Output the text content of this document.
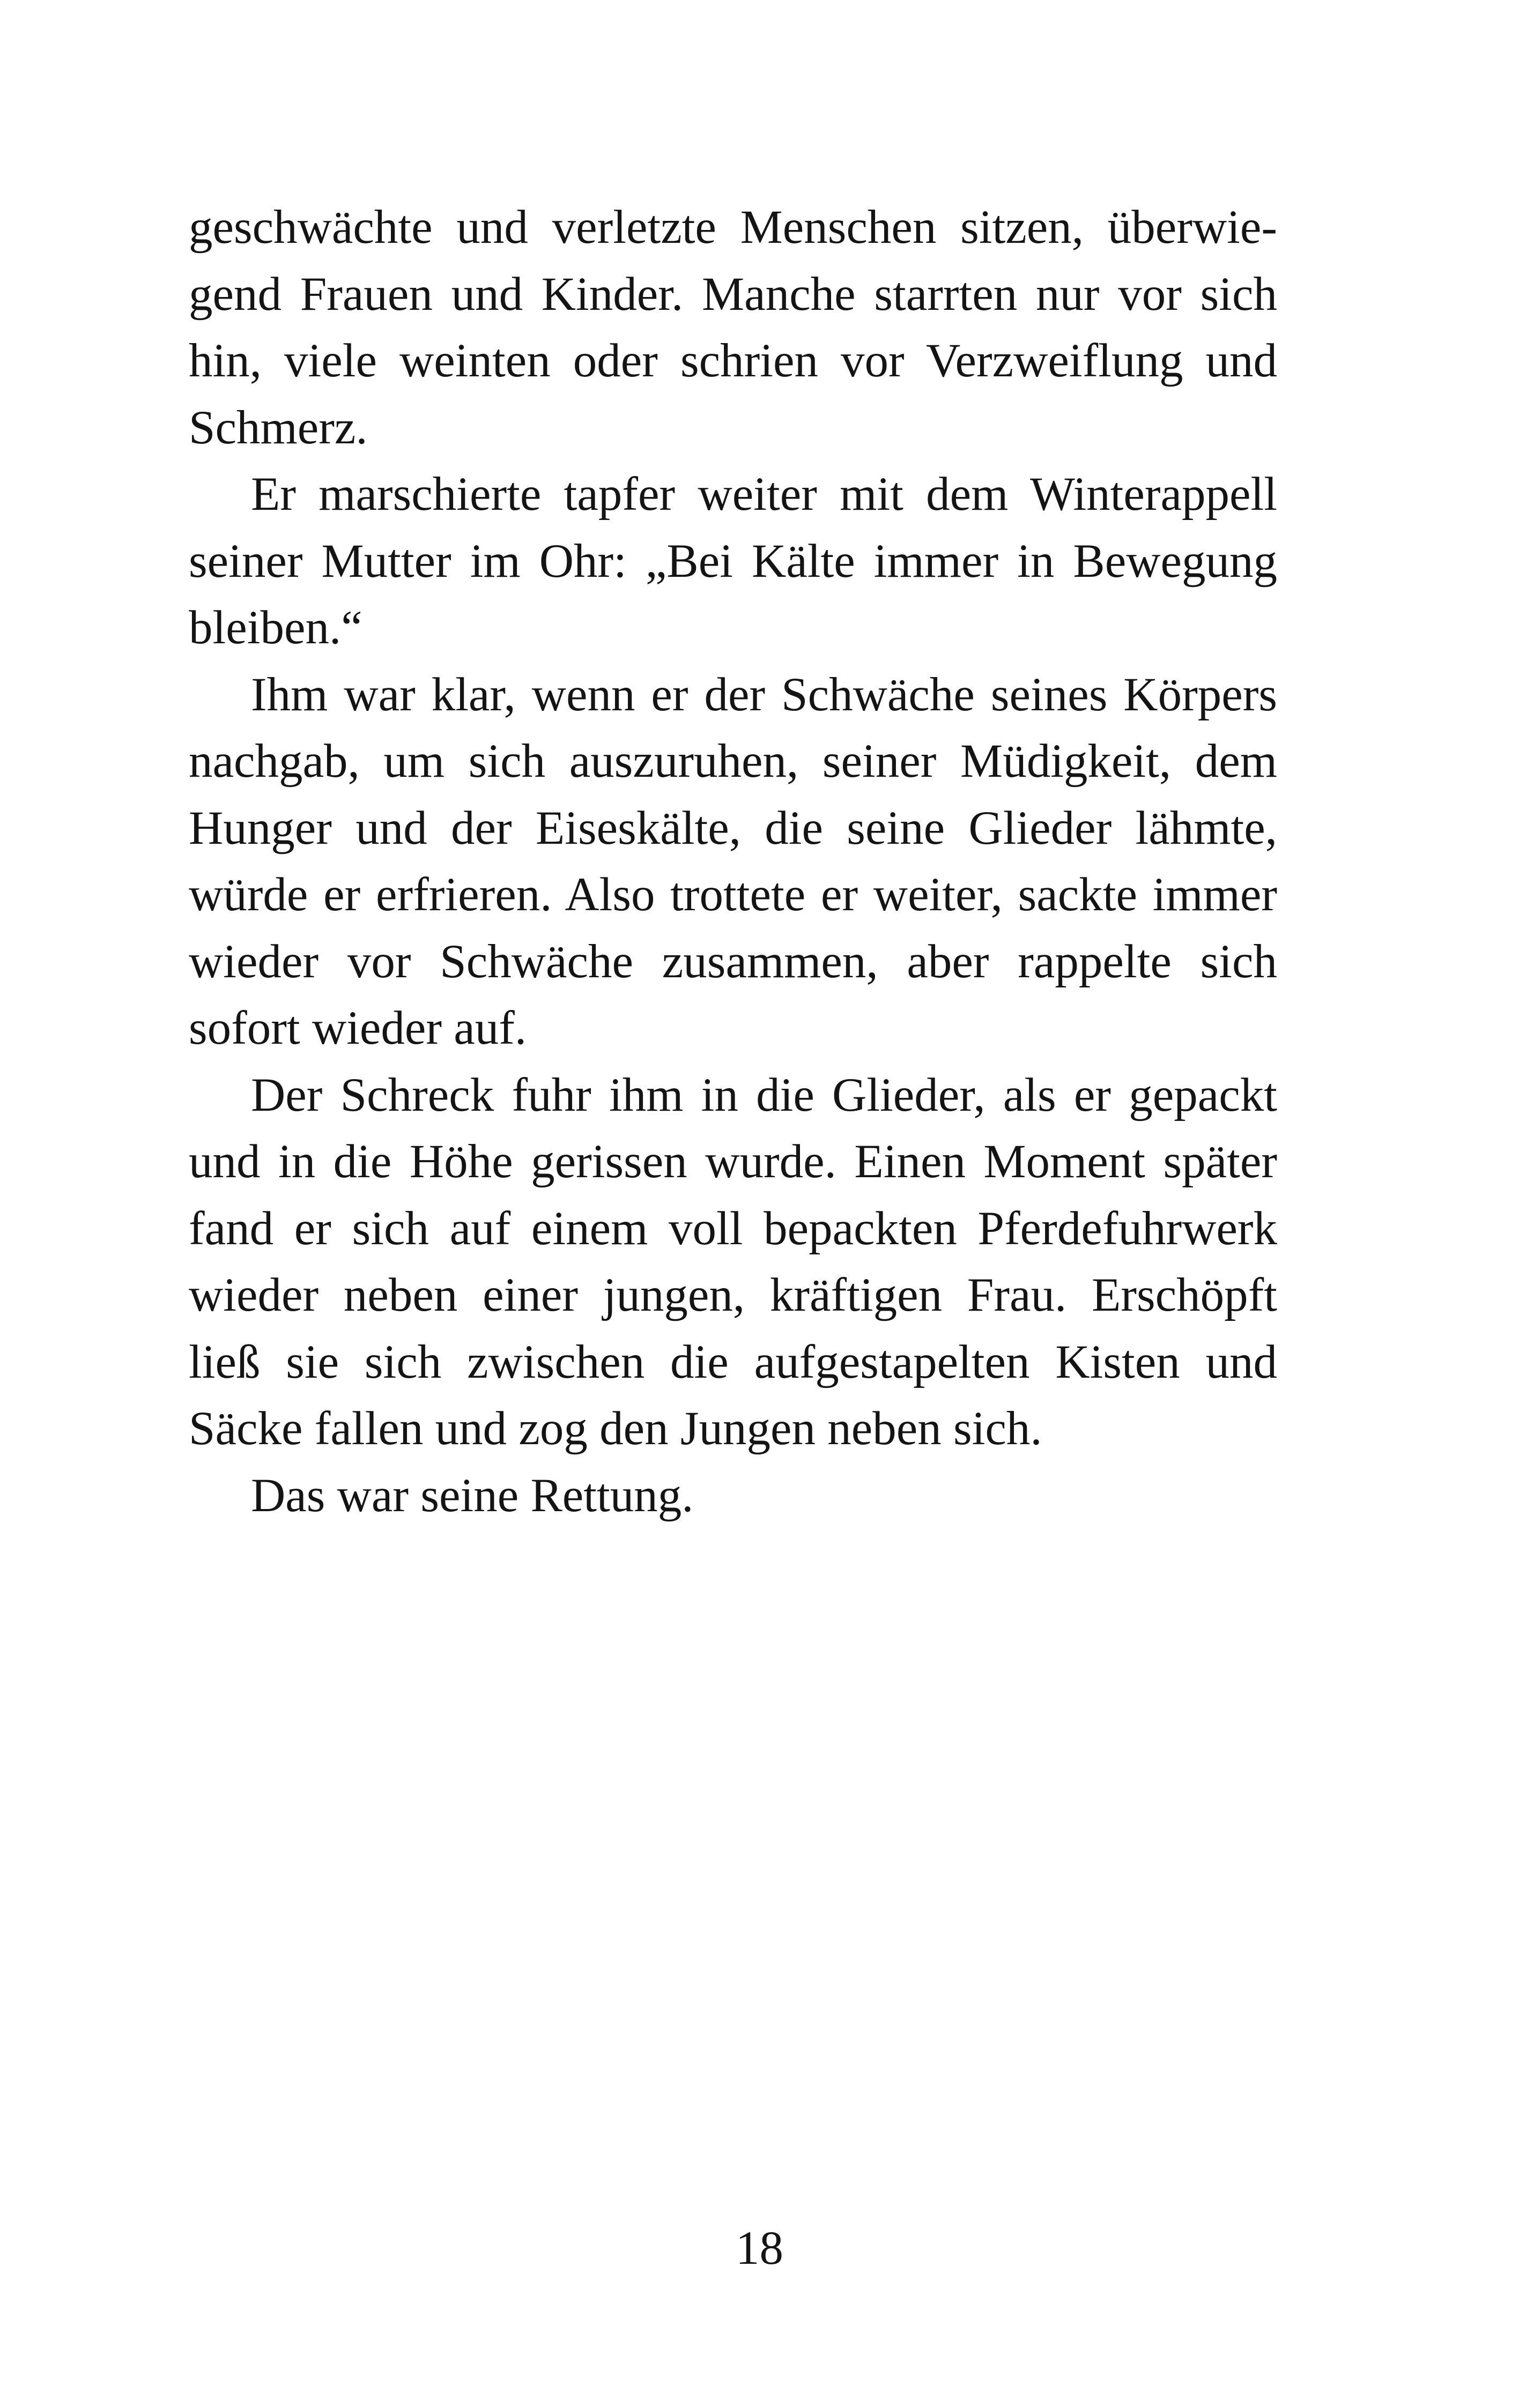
geschwächte und verletzte Menschen sitzen, überwiegend Frauen und Kinder. Manche starrten nur vor sich hin, viele weinten oder schrien vor Verzweiflung und Schmerz.

Er marschierte tapfer weiter mit dem Winterappell seiner Mutter im Ohr: „Bei Kälte immer in Bewegung bleiben.“

Ihm war klar, wenn er der Schwäche seines Körpers nachgab, um sich auszuruhen, seiner Müdigkeit, dem Hunger und der Eiseskälte, die seine Glieder lähmte, würde er erfrieren. Also trottete er weiter, sackte immer wieder vor Schwäche zusammen, aber rappelte sich sofort wieder auf.

Der Schreck fuhr ihm in die Glieder, als er gepackt und in die Höhe gerissen wurde. Einen Moment später fand er sich auf einem voll bepackten Pferdefuhrwerk wieder neben einer jungen, kräftigen Frau. Erschöpft ließ sie sich zwischen die aufgestapelten Kisten und Säcke fallen und zog den Jungen neben sich.

Das war seine Rettung.

18
